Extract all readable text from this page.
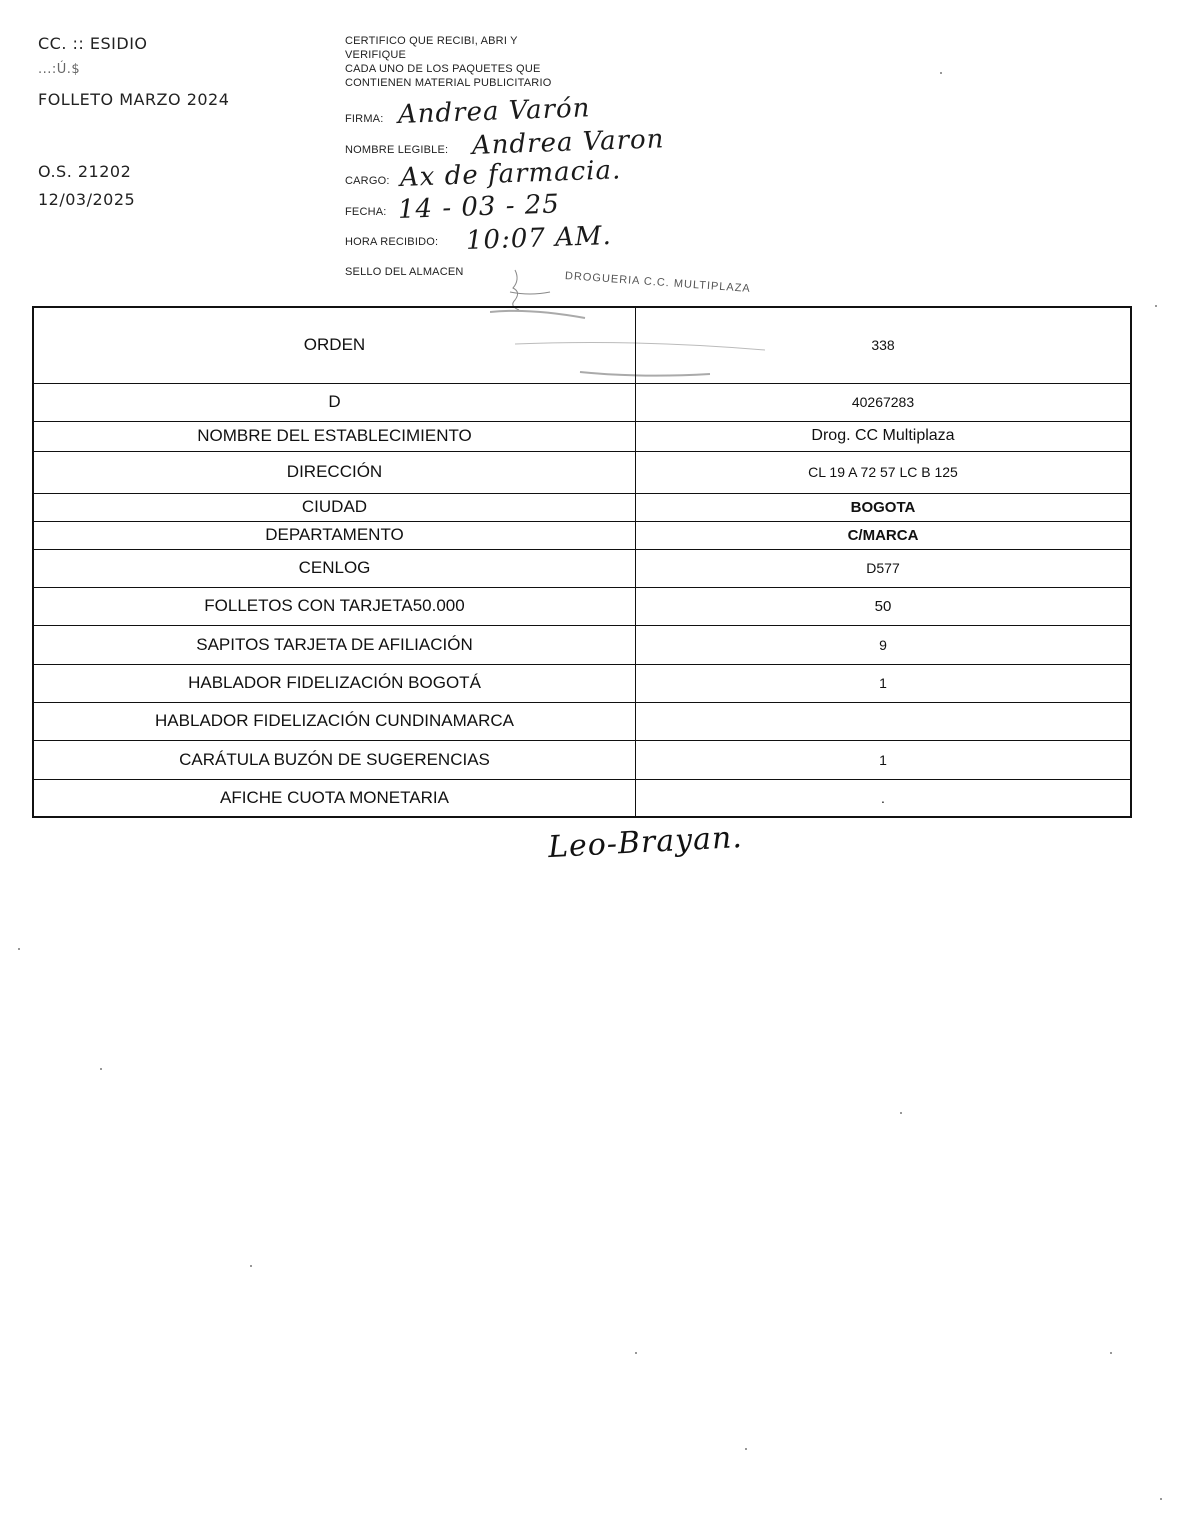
CC. :: ESIDIO
...:Ú.$
FOLLETO MARZO 2024
O.S. 21202
12/03/2025
CERTIFICO QUE RECIBI, ABRI Y
VERIFIQUE
CADA UNO DE LOS PAQUETES QUE
CONTIENEN MATERIAL PUBLICITARIO
FIRMA: Andrea Varón
NOMBRE LEGIBLE: Andrea Varon
CARGO: Ax de farmacia.
FECHA: 14 - 03 - 25
HORA RECIBIDO: 10:07 AM.
SELLO DEL ALMACEN	DROGUERIA C.C. MULTIPLAZA
ORDEN	338
D	40267283
NOMBRE DEL ESTABLECIMIENTO	Drog. CC Multiplaza
DIRECCIÓN	CL 19 A 72 57 LC B 125
CIUDAD	BOGOTA
DEPARTAMENTO	C/MARCA
CENLOG	D577
FOLLETOS CON TARJETA50.000	50
SAPITOS TARJETA DE AFILIACIÓN	9
HABLADOR FIDELIZACIÓN BOGOTÁ	1
HABLADOR FIDELIZACIÓN CUNDINAMARCA	
CARÁTULA BUZÓN DE SUGERENCIAS	1
AFICHE CUOTA MONETARIA	.
Leo-Brayan.
